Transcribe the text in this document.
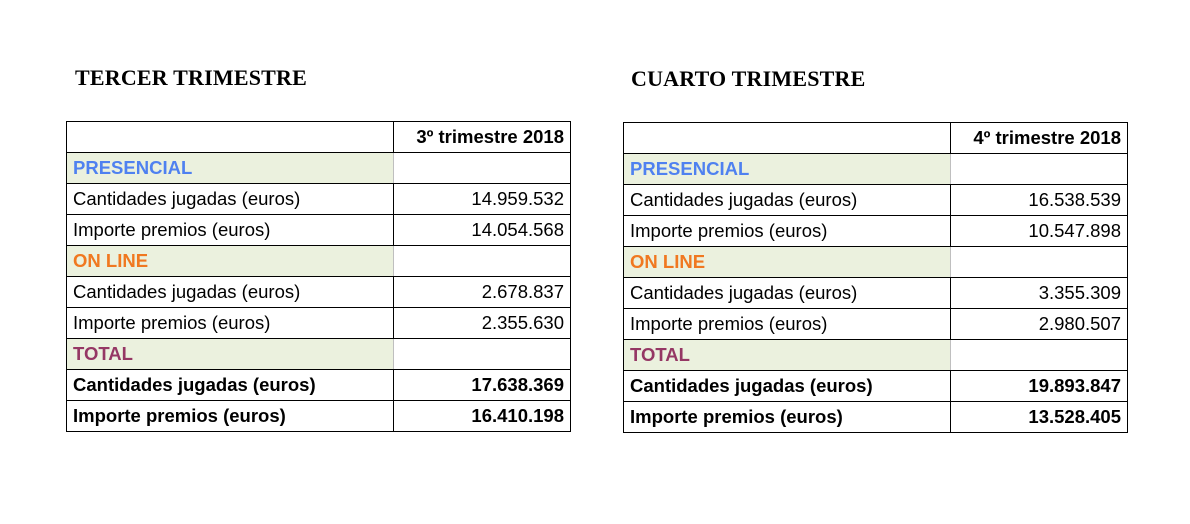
TERCER TRIMESTRE
	3º trimestre 2018
PRESENCIAL	
Cantidades jugadas (euros)	14.959.532
Importe premios (euros)	14.054.568
ON LINE	
Cantidades jugadas (euros)	2.678.837
Importe premios (euros)	2.355.630
TOTAL	
Cantidades jugadas (euros)	17.638.369
Importe premios (euros)	16.410.198
CUARTO TRIMESTRE
	4º trimestre 2018
PRESENCIAL	
Cantidades jugadas (euros)	16.538.539
Importe premios (euros)	10.547.898
ON LINE	
Cantidades jugadas (euros)	3.355.309
Importe premios (euros)	2.980.507
TOTAL	
Cantidades jugadas (euros)	19.893.847
Importe premios (euros)	13.528.405
